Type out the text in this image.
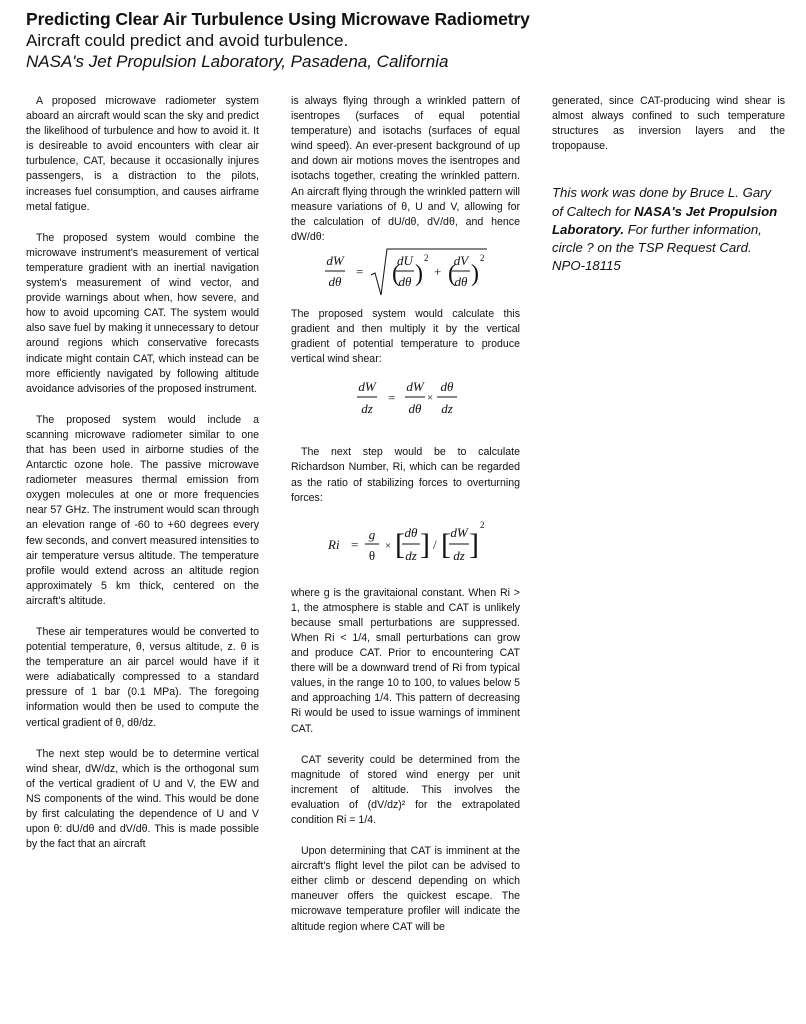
Predicting Clear Air Turbulence Using Microwave Radiometry
Aircraft could predict and avoid turbulence.
NASA's Jet Propulsion Laboratory, Pasadena, California

A proposed microwave radiometer system aboard an aircraft would scan the sky and predict the likelihood of turbulence and how to avoid it. It is desireable to avoid encounters with clear air turbulence, CAT, because it occasionally injures passengers, is a distraction to the pilots, increases fuel consumption, and causes airframe metal fatigue.

The proposed system would combine the microwave instrument's measurement of vertical temperature gradient with an inertial navigation system's measurement of wind vector, and provide warnings about when, how severe, and how to avoid upcoming CAT. The system would also save fuel by making it unnecessary to detour around regions which conservative forecasts indicate might contain CAT, which instead can be more efficiently navigated by following altitude avoidance advisories of the proposed instrument.

The proposed system would include a scanning microwave radiometer similar to one that has been used in airborne studies of the Antarctic ozone hole. The passive microwave radiometer measures thermal emission from oxygen molecules at one or more frequencies near 57 GHz. The instrument would scan through an elevation range of -60 to +60 degrees every few seconds, and convert measured intensities to air temperature versus altitude. The temperature profile would extend across an altitude region approximately 5 km thick, centered on the aircraft's altitude.

These air temperatures would be converted to potential temperature, θ, versus altitude, z. θ is the temperature an air parcel would have if it were adiabatically compressed to a standard pressure of 1 bar (0.1 MPa). The foregoing information would then be used to compute the vertical gradient of θ, dθ/dz.

The next step would be to determine vertical wind shear, dW/dz, which is the orthogonal sum of the vertical gradient of U and V, the EW and NS components of the wind. This would be done by first calculating the dependence of U and V upon θ: dU/dθ and dV/dθ. This is made possible by the fact that an aircraft

is always flying through a wrinkled pattern of isentropes (surfaces of equal potential temperature) and isotachs (surfaces of equal wind speed). An ever-present background of up and down air motions moves the isentropes and isotachs together, creating the wrinkled pattern. An aircraft flying through the wrinkled pattern will measure variations of θ, U and V, allowing for the calculation of dU/dθ, dV/dθ, and hence dW/dθ:

dW
dθ
= (
dU
dθ )
2
+ (
dV
dθ )
2

The proposed system would calculate this gradient and then multiply it by the vertical gradient of potential temperature to produce vertical wind shear:

dW
dz
=
dW
dθ
×
dθ
dz

The next step would be to calculate Richardson Number, Ri, which can be regarded as the ratio of stabilizing forces to overturning forces:

Ri =
g
θ
× [ dθ
dz ] / [ dW
dz ]
2

where g is the gravitaional constant. When Ri > 1, the atmosphere is stable and CAT is unlikely because small perturbations are suppressed. When Ri < 1/4, small perturbations can grow and produce CAT. Prior to encountering CAT there will be a downward trend of Ri from typical values, in the range 10 to 100, to values below 5 and approaching 1/4. This pattern of decreasing Ri would be used to issue warnings of imminent CAT.

CAT severity could be determined from the magnitude of stored wind energy per unit increment of altitude. This involves the evaluation of (dV/dz)² for the extrapolated condition Ri = 1/4.

Upon determining that CAT is imminent at the aircraft's flight level the pilot can be advised to either climb or descend depending on which maneuver offers the quickest escape. The microwave temperature profiler will indicate the altitude region where CAT will be

generated, since CAT-producing wind shear is almost always confined to such temperature structures as inversion layers and the tropopause.

This work was done by Bruce L. Gary of Caltech for NASA's Jet Propulsion Laboratory. For further information, circle ? on the TSP Request Card.

NPO-18115
